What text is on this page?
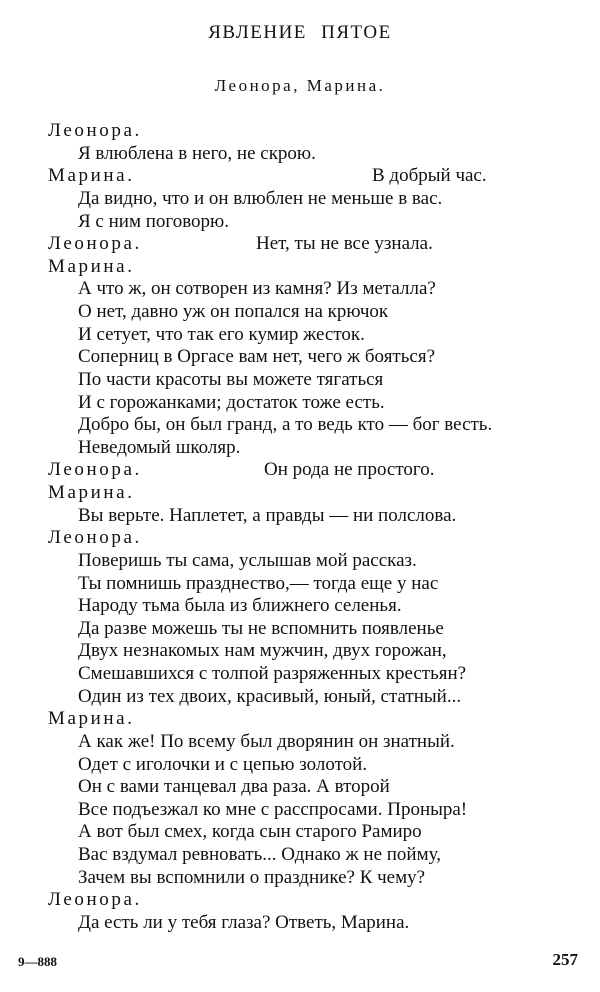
ЯВЛЕНИЕ ПЯТОЕ
Леонора, Марина.
Леонора.
Я влюблена в него, не скрою.
Марина.	В добрый час.
Да видно, что и он влюблен не меньше в вас.
Я с ним поговорю.
Леонора.	Нет, ты не все узнала.
Марина.
А что ж, он сотворен из камня? Из металла?
О нет, давно уж он попался на крючок
И сетует, что так его кумир жесток.
Соперниц в Оргасе вам нет, чего ж бояться?
По части красоты вы можете тягаться
И с горожанками; достаток тоже есть.
Добро бы, он был гранд, а то ведь кто — бог весть.
Неведомый школяр.
Леонора.	Он рода не простого.
Марина.
Вы верьте. Наплетет, а правды — ни полслова.
Леонора.
Поверишь ты сама, услышав мой рассказ.
Ты помнишь празднество,— тогда еще у нас
Народу тьма была из ближнего селенья.
Да разве можешь ты не вспомнить появленье
Двух незнакомых нам мужчин, двух горожан,
Смешавшихся с толпой разряженных крестьян?
Один из тех двоих, красивый, юный, статный...
Марина.
А как же! По всему был дворянин он знатный.
Одет с иголочки и с цепью золотой.
Он с вами танцевал два раза. А второй
Все подъезжал ко мне с расспросами. Проныра!
А вот был смех, когда сын старого Рамиро
Вас вздумал ревновать... Однако ж не пойму,
Зачем вы вспомнили о празднике? К чему?
Леонора.
Да есть ли у тебя глаза? Ответь, Марина.
9—888	257
